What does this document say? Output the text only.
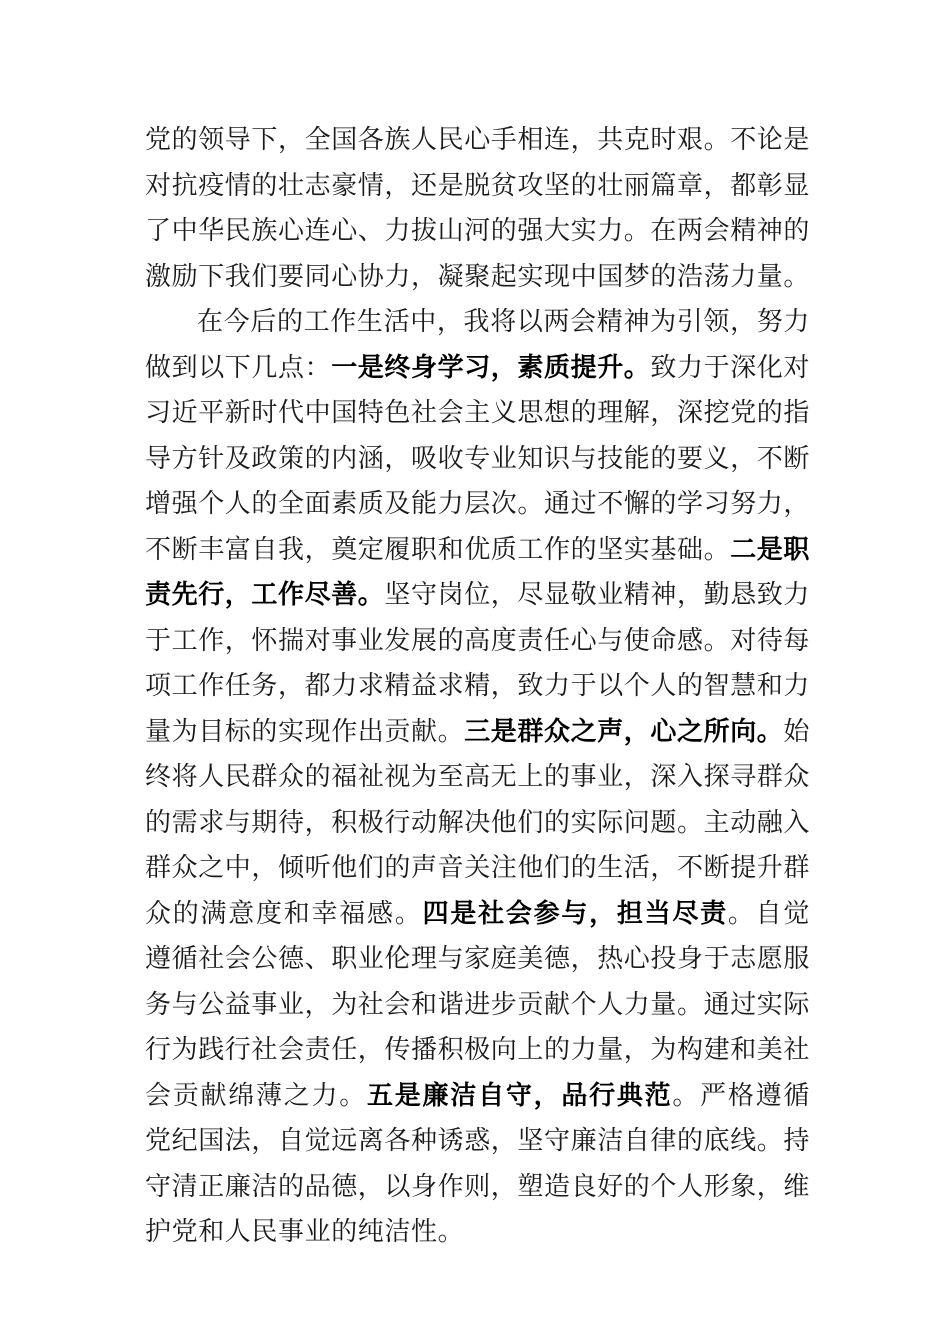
党的领导下，全国各族人民心手相连，共克时艰。不论是对抗疫情的壮志豪情，还是脱贫攻坚的壮丽篇章，都彰显了中华民族心连心、力拔山河的强大实力。在两会精神的激励下我们要同心协力，凝聚起实现中国梦的浩荡力量。

在今后的工作生活中，我将以两会精神为引领，努力做到以下几点：一是终身学习，素质提升。致力于深化对习近平新时代中国特色社会主义思想的理解，深挖党的指导方针及政策的内涵，吸收专业知识与技能的要义，不断增强个人的全面素质及能力层次。通过不懈的学习努力，不断丰富自我，奠定履职和优质工作的坚实基础。二是职责先行，工作尽善。坚守岗位，尽显敬业精神，勤恳致力于工作，怀揣对事业发展的高度责任心与使命感。对待每项工作任务，都力求精益求精，致力于以个人的智慧和力量为目标的实现作出贡献。三是群众之声，心之所向。始终将人民群众的福祉视为至高无上的事业，深入探寻群众的需求与期待，积极行动解决他们的实际问题。主动融入群众之中，倾听他们的声音关注他们的生活，不断提升群众的满意度和幸福感。四是社会参与，担当尽责。自觉遵循社会公德、职业伦理与家庭美德，热心投身于志愿服务与公益事业，为社会和谐进步贡献个人力量。通过实际行为践行社会责任，传播积极向上的力量，为构建和美社会贡献绵薄之力。五是廉洁自守，品行典范。严格遵循党纪国法，自觉远离各种诱惑，坚守廉洁自律的底线。持守清正廉洁的品德，以身作则，塑造良好的个人形象，维护党和人民事业的纯洁性。
